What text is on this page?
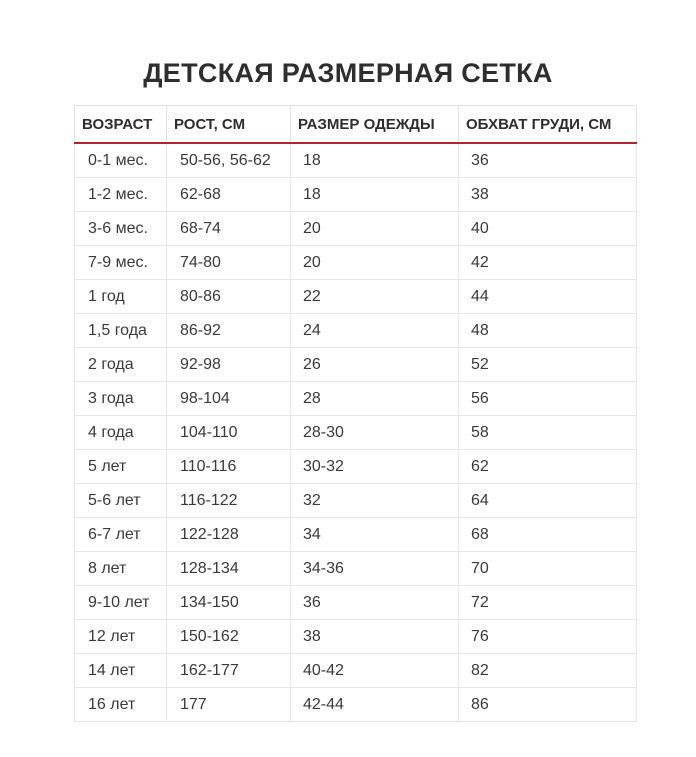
ДЕТСКАЯ РАЗМЕРНАЯ СЕТКА
ВОЗРАСТ	РОСТ, СМ	РАЗМЕР ОДЕЖДЫ	ОБХВАТ ГРУДИ, СМ
0-1 мес.	50-56, 56-62	18	36
1-2 мес.	62-68	18	38
3-6 мес.	68-74	20	40
7-9 мес.	74-80	20	42
1 год	80-86	22	44
1,5 года	86-92	24	48
2 года	92-98	26	52
3 года	98-104	28	56
4 года	104-110	28-30	58
5 лет	110-116	30-32	62
5-6 лет	116-122	32	64
6-7 лет	122-128	34	68
8 лет	128-134	34-36	70
9-10 лет	134-150	36	72
12 лет	150-162	38	76
14 лет	162-177	40-42	82
16 лет	177	42-44	86
